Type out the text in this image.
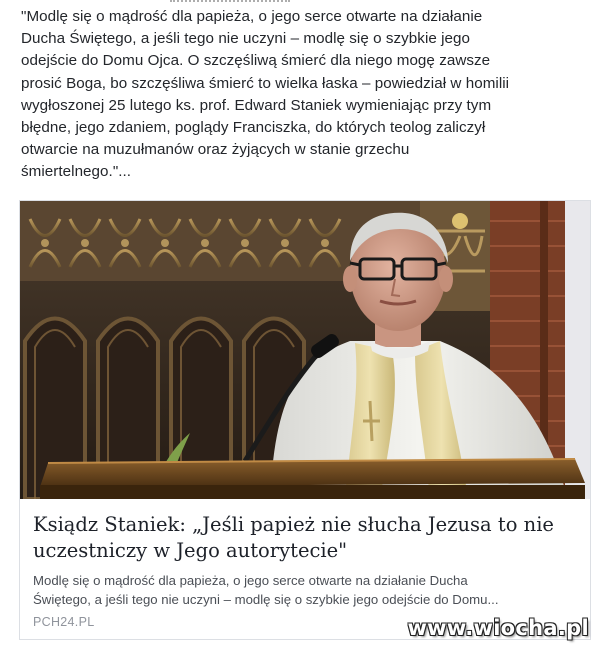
"Modlę się o mądrość dla papieża, o jego serce otwarte na działanie
Ducha Świętego, a jeśli tego nie uczyni – modlę się o szybkie jego
odejście do Domu Ojca. O szczęśliwą śmierć dla niego mogę zawsze
prosić Boga, bo szczęśliwa śmierć to wielka łaska – powiedział w homilii
wygłoszonej 25 lutego ks. prof. Edward Staniek wymieniając przy tym
błędne, jego zdaniem, poglądy Franciszka, do których teolog zaliczył
otwarcie na muzułmanów oraz żyjących w stanie grzechu
śmiertelnego."...
Ksiądz Staniek: „Jeśli papież nie słucha Jezusa to nie
uczestniczy w Jego autorytecie"
Modlę się o mądrość dla papieża, o jego serce otwarte na działanie Ducha
Świętego, a jeśli tego nie uczyni – modlę się o szybkie jego odejście do Domu...
PCH24.PL	www.wiocha.pl
